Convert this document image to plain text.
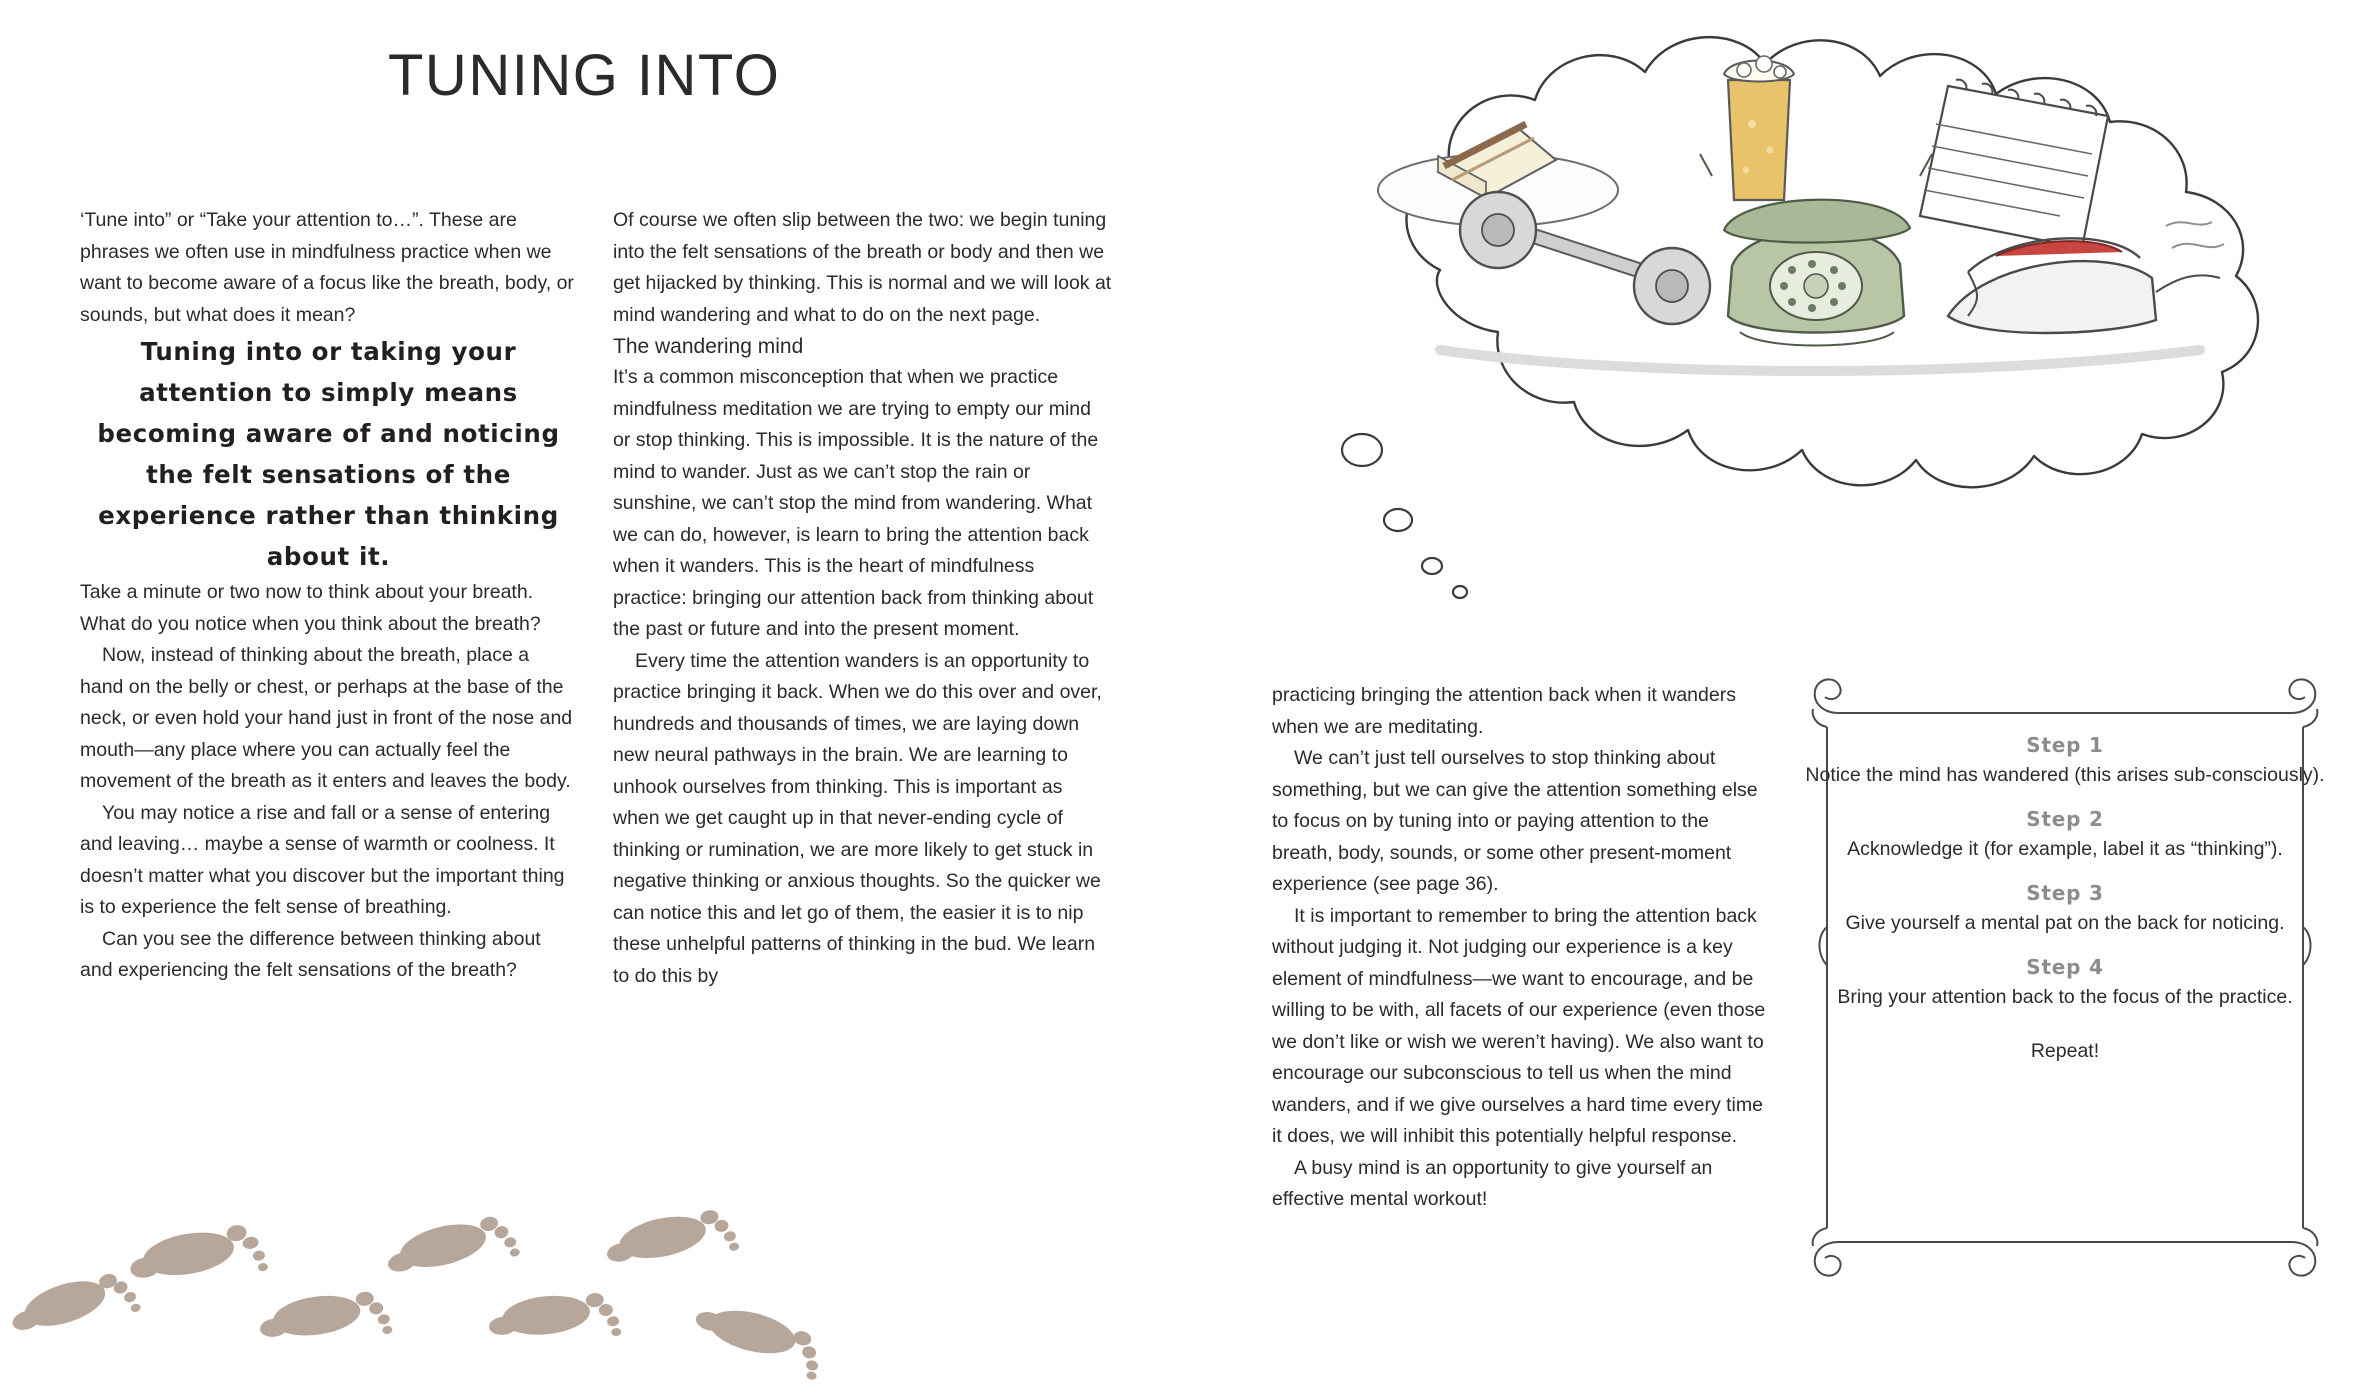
TUNING INTO

‘Tune into” or “Take your attention to…”. These are phrases we often use in mindfulness practice when we want to become aware of a focus like the breath, body, or sounds, but what does it mean?

Tuning into or taking your attention to simply means becoming aware of and noticing the felt sensations of the experience rather than thinking about it.

Take a minute or two now to think about your breath. What do you notice when you think about the breath?

Now, instead of thinking about the breath, place a hand on the belly or chest, or perhaps at the base of the neck, or even hold your hand just in front of the nose and mouth—any place where you can actually feel the movement of the breath as it enters and leaves the body.

You may notice a rise and fall or a sense of entering and leaving… maybe a sense of warmth or coolness. It doesn’t matter what you discover but the important thing is to experience the felt sense of breathing.

Can you see the difference between thinking about and experiencing the felt sensations of the breath?

Of course we often slip between the two: we begin tuning into the felt sensations of the breath or body and then we get hijacked by thinking. This is normal and we will look at mind wandering and what to do on the next page.

The wandering mind

It’s a common misconception that when we practice mindfulness meditation we are trying to empty our mind or stop thinking. This is impossible. It is the nature of the mind to wander. Just as we can’t stop the rain or sunshine, we can’t stop the mind from wandering. What we can do, however, is learn to bring the attention back when it wanders. This is the heart of mindfulness practice: bringing our attention back from thinking about the past or future and into the present moment.

Every time the attention wanders is an opportunity to practice bringing it back. When we do this over and over, hundreds and thousands of times, we are laying down new neural pathways in the brain. We are learning to unhook ourselves from thinking. This is important as when we get caught up in that never-ending cycle of thinking or rumination, we are more likely to get stuck in negative thinking or anxious thoughts. So the quicker we can notice this and let go of them, the easier it is to nip these unhelpful patterns of thinking in the bud. We learn to do this by

practicing bringing the attention back when it wanders when we are meditating.

We can’t just tell ourselves to stop thinking about something, but we can give the attention something else to focus on by tuning into or paying attention to the breath, body, sounds, or some other present-moment experience (see page 36).

It is important to remember to bring the attention back without judging it. Not judging our experience is a key element of mindfulness—we want to encourage, and be willing to be with, all facets of our experience (even those we don’t like or wish we weren’t having). We also want to encourage our subconscious to tell us when the mind wanders, and if we give ourselves a hard time every time it does, we will inhibit this potentially helpful response.

A busy mind is an opportunity to give yourself an effective mental workout!

Step 1
Notice the mind has wandered (this arises sub-consciously).
Step 2
Acknowledge it (for example, label it as “thinking”).
Step 3
Give yourself a mental pat on the back for noticing.
Step 4
Bring your attention back to the focus of the practice.
Repeat!
